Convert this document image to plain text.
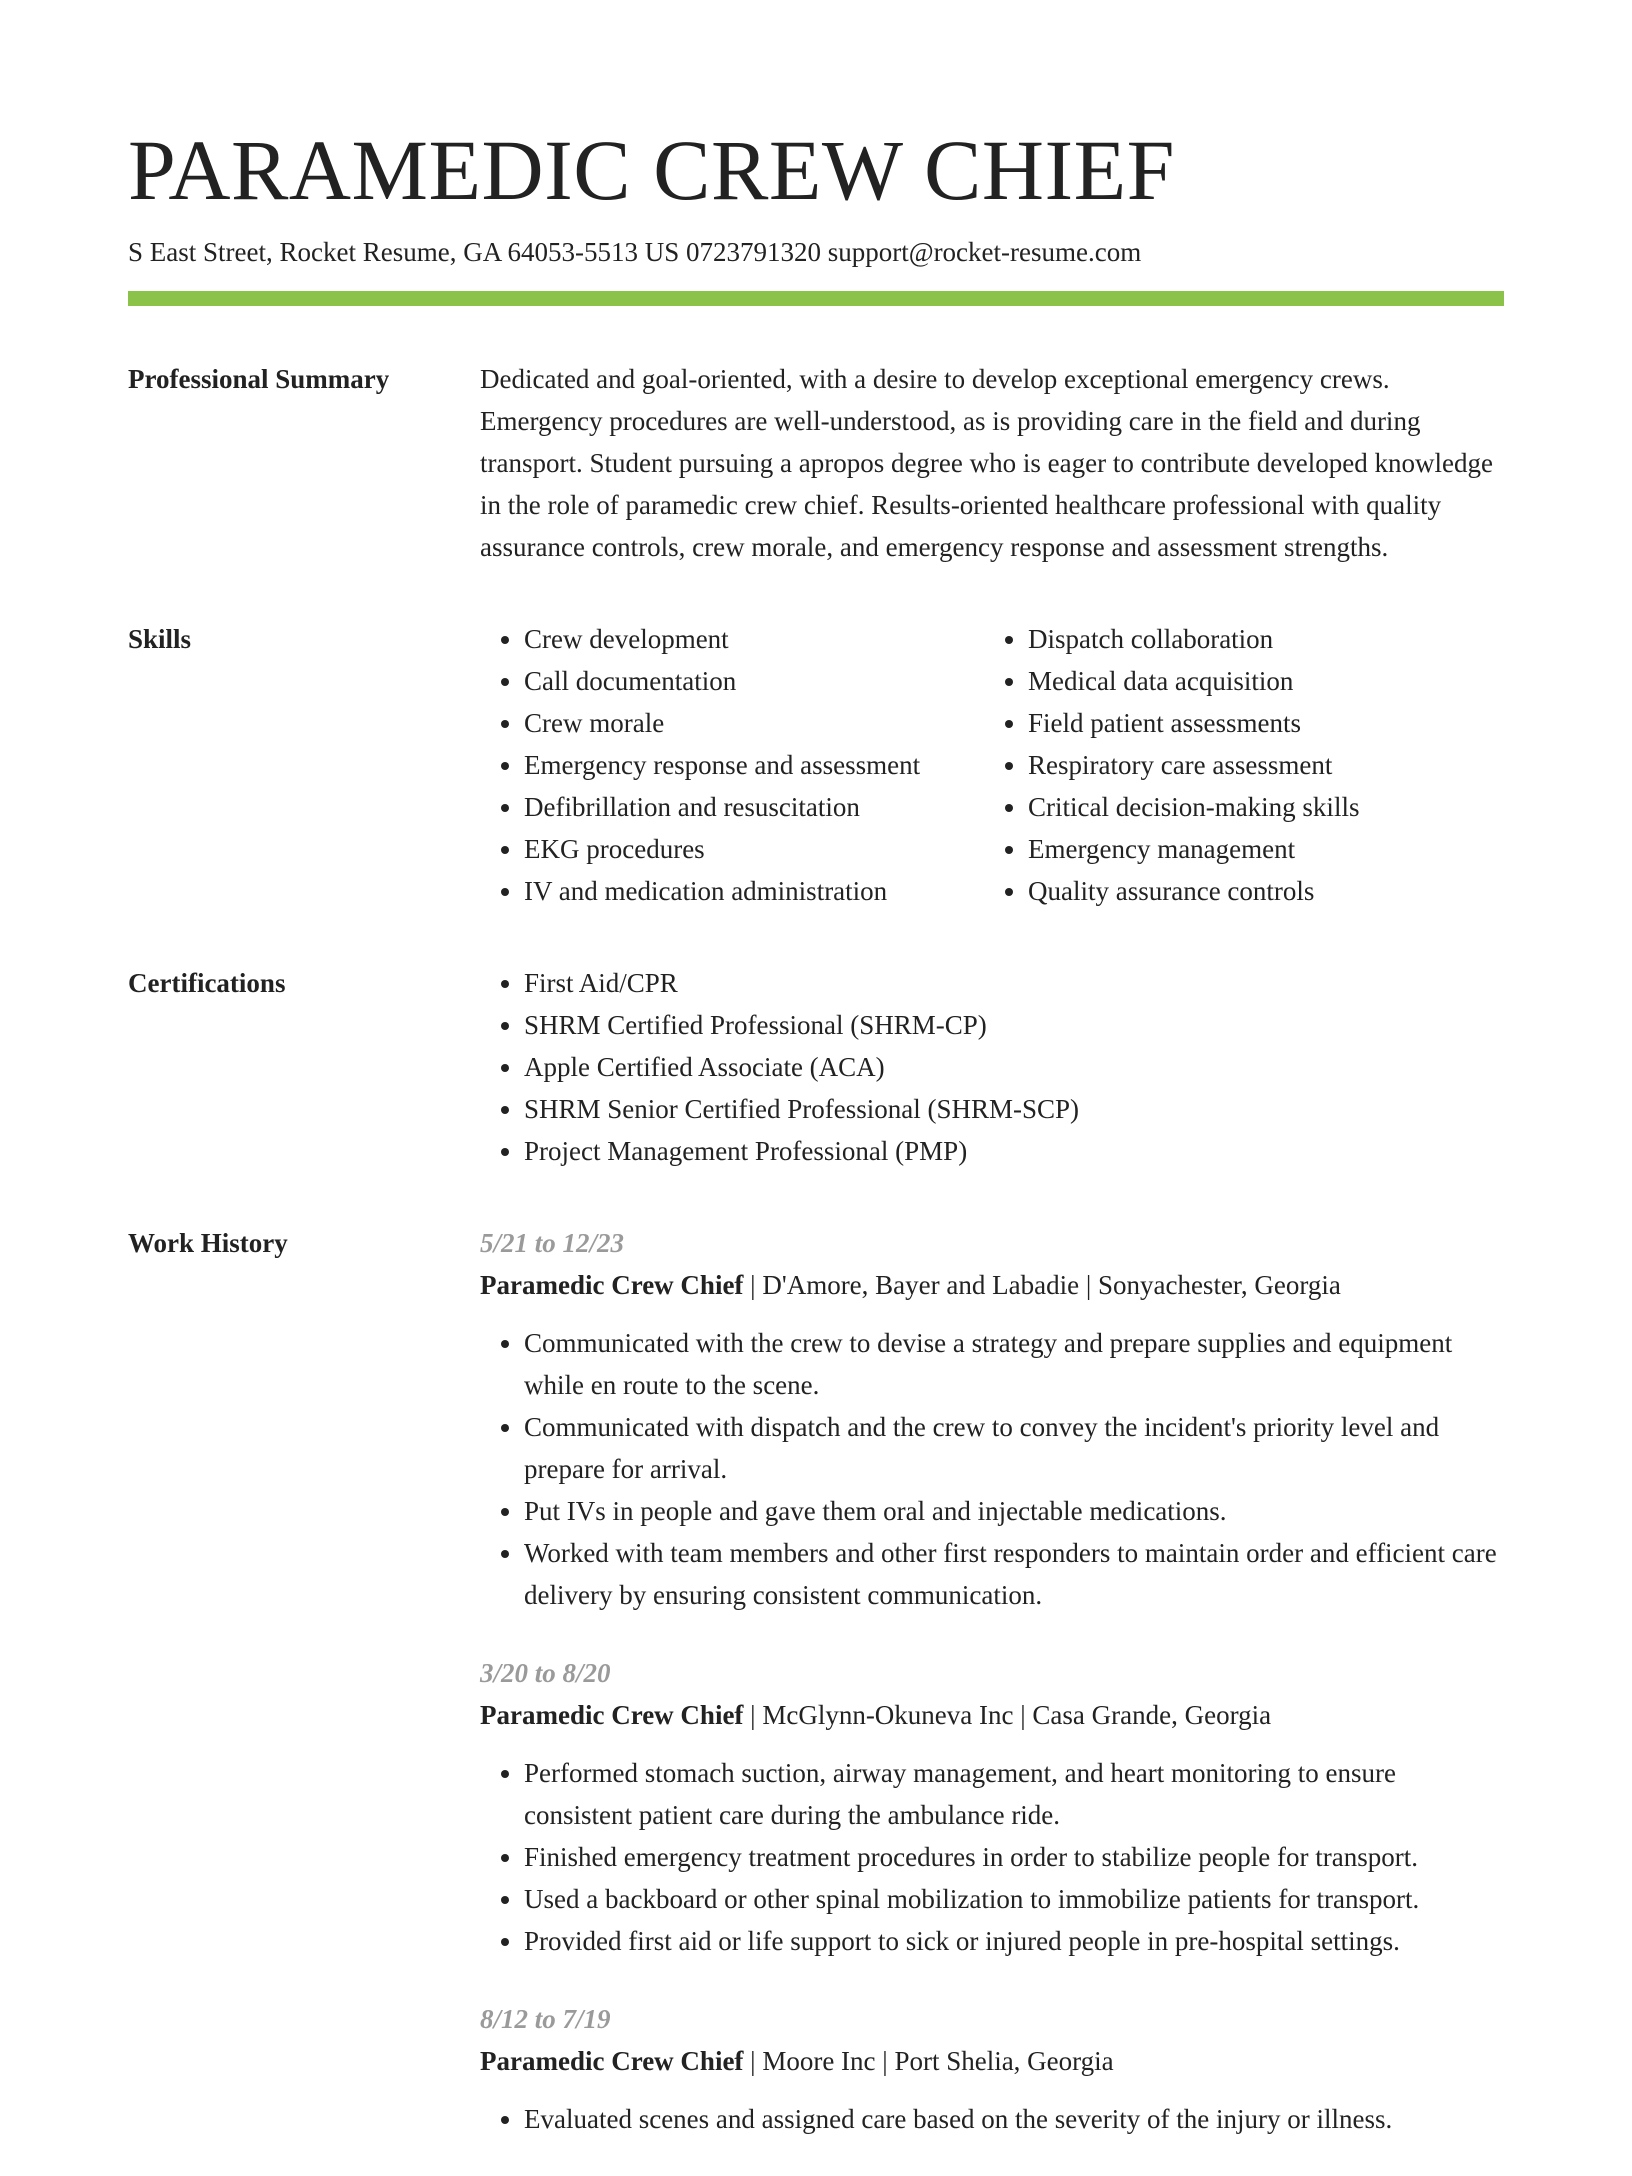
PARAMEDIC CREW CHIEF
S East Street, Rocket Resume, GA 64053-5513 US 0723791320 support@rocket-resume.com
Professional Summary	Dedicated and goal-oriented, with a desire to develop exceptional emergency crews. Emergency procedures are well-understood, as is providing care in the field and during transport. Student pursuing a apropos degree who is eager to contribute developed knowledge in the role of paramedic crew chief. Results-oriented healthcare professional with quality assurance controls, crew morale, and emergency response and assessment strengths.

Skills	• Crew development
• Call documentation
• Crew morale
• Emergency response and assessment
• Defibrillation and resuscitation
• EKG procedures
• IV and medication administration
• Dispatch collaboration
• Medical data acquisition
• Field patient assessments
• Respiratory care assessment
• Critical decision-making skills
• Emergency management
• Quality assurance controls
Certifications	• First Aid/CPR
• SHRM Certified Professional (SHRM-CP)
• Apple Certified Associate (ACA)
• SHRM Senior Certified Professional (SHRM-SCP)
• Project Management Professional (PMP)
Work History	5/21 to 12/23
Paramedic Crew Chief | D'Amore, Bayer and Labadie | Sonyachester, Georgia
• Communicated with the crew to devise a strategy and prepare supplies and equipment while en route to the scene.
• Communicated with dispatch and the crew to convey the incident's priority level and prepare for arrival.
• Put IVs in people and gave them oral and injectable medications.
• Worked with team members and other first responders to maintain order and efficient care delivery by ensuring consistent communication.
3/20 to 8/20
Paramedic Crew Chief | McGlynn-Okuneva Inc | Casa Grande, Georgia
• Performed stomach suction, airway management, and heart monitoring to ensure consistent patient care during the ambulance ride.
• Finished emergency treatment procedures in order to stabilize people for transport.
• Used a backboard or other spinal mobilization to immobilize patients for transport.
• Provided first aid or life support to sick or injured people in pre-hospital settings.
8/12 to 7/19
Paramedic Crew Chief | Moore Inc | Port Shelia, Georgia
• Evaluated scenes and assigned care based on the severity of the injury or illness.
